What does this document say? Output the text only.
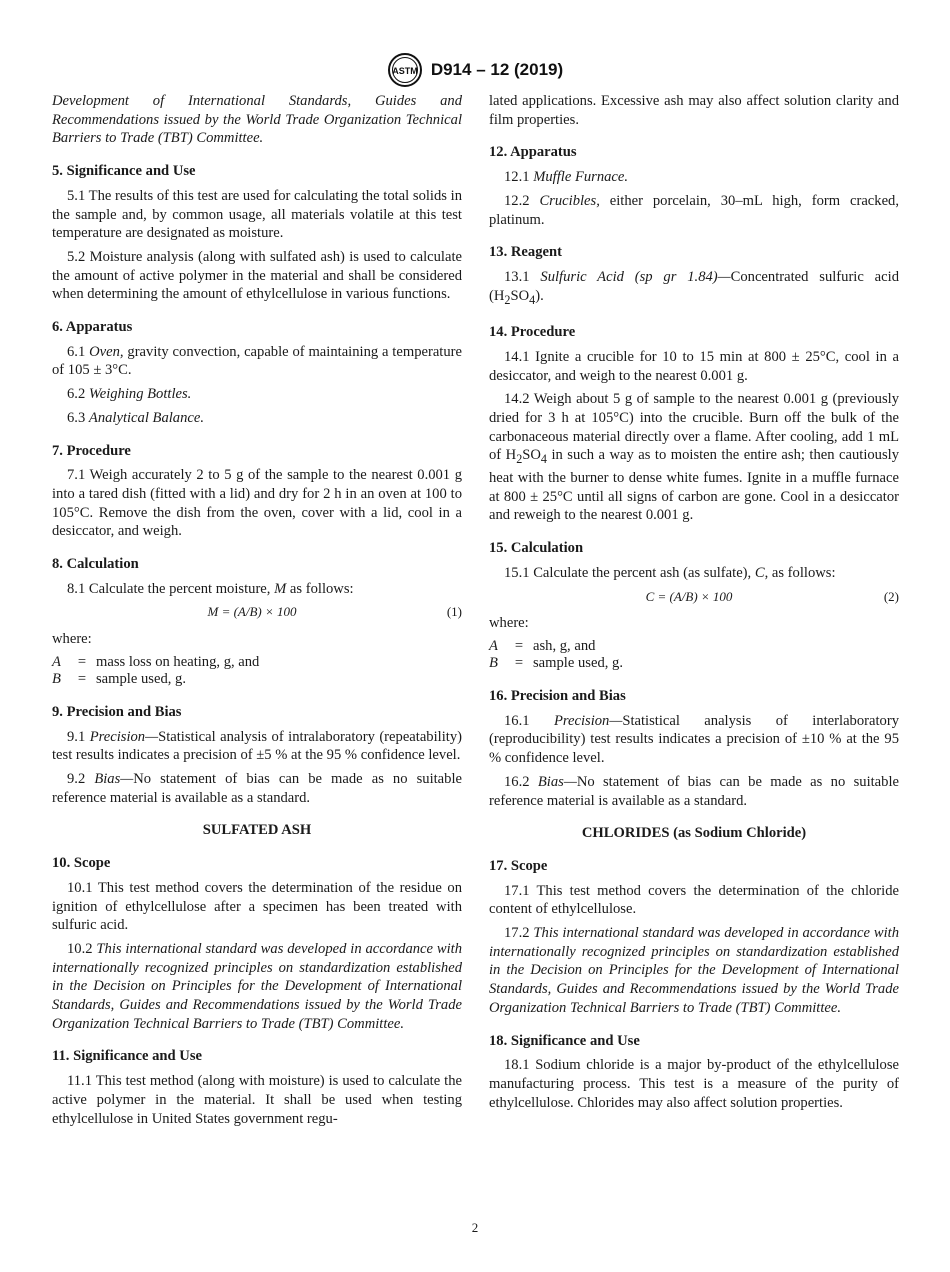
ASTM D914 – 12 (2019)

Development of International Standards, Guides and Recommendations issued by the World Trade Organization Technical Barriers to Trade (TBT) Committee.

5. Significance and Use

5.1 The results of this test are used for calculating the total solids in the sample and, by common usage, all materials volatile at this test temperature are designated as moisture.

5.2 Moisture analysis (along with sulfated ash) is used to calculate the amount of active polymer in the material and shall be considered when determining the amount of ethylcellulose in various functions.

6. Apparatus

6.1 Oven, gravity convection, capable of maintaining a temperature of 105 ± 3°C.

6.2 Weighing Bottles.

6.3 Analytical Balance.

7. Procedure

7.1 Weigh accurately 2 to 5 g of the sample to the nearest 0.001 g into a tared dish (fitted with a lid) and dry for 2 h in an oven at 100 to 105°C. Remove the dish from the oven, cover with a lid, cool in a desiccator, and weigh.

8. Calculation

8.1 Calculate the percent moisture, M as follows:

M = (A/B) × 100	(1)

where:

A	= mass loss on heating, g, and
B	= sample used, g.

9. Precision and Bias

9.1 Precision—Statistical analysis of intralaboratory (repeatability) test results indicates a precision of ±5 % at the 95 % confidence level.

9.2 Bias—No statement of bias can be made as no suitable reference material is available as a standard.

SULFATED ASH

10. Scope

10.1 This test method covers the determination of the residue on ignition of ethylcellulose after a specimen has been treated with sulfuric acid.

10.2 This international standard was developed in accordance with internationally recognized principles on standardization established in the Decision on Principles for the Development of International Standards, Guides and Recommendations issued by the World Trade Organization Technical Barriers to Trade (TBT) Committee.

11. Significance and Use

11.1 This test method (along with moisture) is used to calculate the active polymer in the material. It shall be used when testing ethylcellulose in United States government regu-

lated applications. Excessive ash may also affect solution clarity and film properties.

12. Apparatus

12.1 Muffle Furnace.

12.2 Crucibles, either porcelain, 30–mL high, form cracked, platinum.

13. Reagent

13.1 Sulfuric Acid (sp gr 1.84)—Concentrated sulfuric acid $(H_2SO_4)$.

14. Procedure

14.1 Ignite a crucible for 10 to 15 min at 800 ± 25°C, cool in a desiccator, and weigh to the nearest 0.001 g.

14.2 Weigh about 5 g of sample to the nearest 0.001 g (previously dried for 3 h at 105°C) into the crucible. Burn off the bulk of the carbonaceous material directly over a flame. After cooling, add 1 mL of $H_2SO_4$ in such a way as to moisten the entire ash; then cautiously heat with the burner to dense white fumes. Ignite in a muffle furnace at 800 ± 25°C until all signs of carbon are gone. Cool in a desiccator and reweigh to the nearest 0.001 g.

15. Calculation

15.1 Calculate the percent ash (as sulfate), C, as follows:

C = (A/B) × 100	(2)

where:

A	= ash, g, and
B	= sample used, g.

16. Precision and Bias

16.1 Precision—Statistical analysis of interlaboratory (reproducibility) test results indicates a precision of ±10 % at the 95 % confidence level.

16.2 Bias—No statement of bias can be made as no suitable reference material is available as a standard.

CHLORIDES (as Sodium Chloride)

17. Scope

17.1 This test method covers the determination of the chloride content of ethylcellulose.

17.2 This international standard was developed in accordance with internationally recognized principles on standardization established in the Decision on Principles for the Development of International Standards, Guides and Recommendations issued by the World Trade Organization Technical Barriers to Trade (TBT) Committee.

18. Significance and Use

18.1 Sodium chloride is a major by-product of the ethylcellulose manufacturing process. This test is a measure of the purity of ethylcellulose. Chlorides may also affect solution properties.

2
